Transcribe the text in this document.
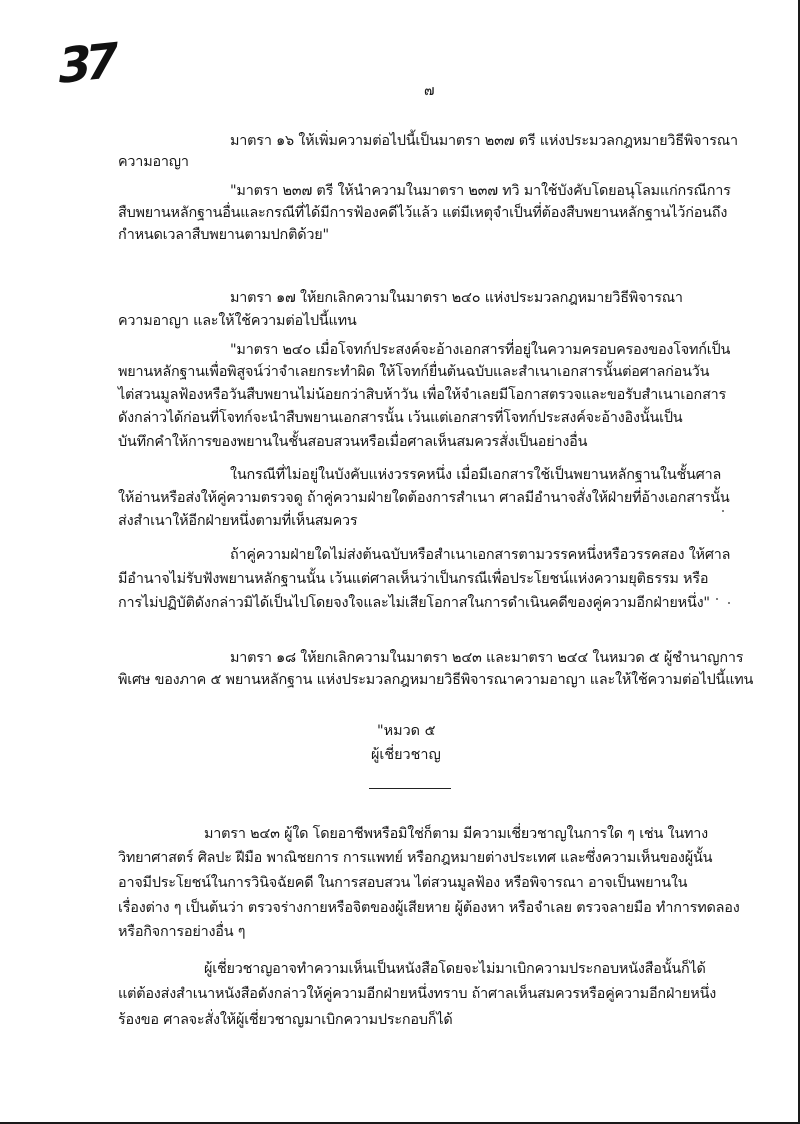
37	๗
มาตรา ๑๖ ให้เพิ่มความต่อไปนี้เป็นมาตรา ๒๓๗ ตรี แห่งประมวลกฎหมายวิธีพิจารณา
ความอาญา
"มาตรา ๒๓๗ ตรี ให้นำความในมาตรา ๒๓๗ ทวิ มาใช้บังคับโดยอนุโลมแก่กรณีการ
สืบพยานหลักฐานอื่นและกรณีที่ได้มีการฟ้องคดีไว้แล้ว แต่มีเหตุจำเป็นที่ต้องสืบพยานหลักฐานไว้ก่อนถึง
กำหนดเวลาสืบพยานตามปกติด้วย"
มาตรา ๑๗ ให้ยกเลิกความในมาตรา ๒๔๐ แห่งประมวลกฎหมายวิธีพิจารณา
ความอาญา และให้ใช้ความต่อไปนี้แทน
"มาตรา ๒๔๐ เมื่อโจทก์ประสงค์จะอ้างเอกสารที่อยู่ในความครอบครองของโจทก์เป็น
พยานหลักฐานเพื่อพิสูจน์ว่าจำเลยกระทำผิด ให้โจทก์ยื่นต้นฉบับและสำเนาเอกสารนั้นต่อศาลก่อนวัน
ไต่สวนมูลฟ้องหรือวันสืบพยานไม่น้อยกว่าสิบห้าวัน เพื่อให้จำเลยมีโอกาสตรวจและขอรับสำเนาเอกสาร
ดังกล่าวได้ก่อนที่โจทก์จะนำสืบพยานเอกสารนั้น เว้นแต่เอกสารที่โจทก์ประสงค์จะอ้างอิงนั้นเป็น
บันทึกคำให้การของพยานในชั้นสอบสวนหรือเมื่อศาลเห็นสมควรสั่งเป็นอย่างอื่น
ในกรณีที่ไม่อยู่ในบังคับแห่งวรรคหนึ่ง เมื่อมีเอกสารใช้เป็นพยานหลักฐานในชั้นศาล
ให้อ่านหรือส่งให้คู่ความตรวจดู ถ้าคู่ความฝ่ายใดต้องการสำเนา ศาลมีอำนาจสั่งให้ฝ่ายที่อ้างเอกสารนั้น
ส่งสำเนาให้อีกฝ่ายหนึ่งตามที่เห็นสมควร
ถ้าคู่ความฝ่ายใดไม่ส่งต้นฉบับหรือสำเนาเอกสารตามวรรคหนึ่งหรือวรรคสอง ให้ศาล
มีอำนาจไม่รับฟังพยานหลักฐานนั้น เว้นแต่ศาลเห็นว่าเป็นกรณีเพื่อประโยชน์แห่งความยุติธรรม หรือ
การไม่ปฏิบัติดังกล่าวมิได้เป็นไปโดยจงใจและไม่เสียโอกาสในการดำเนินคดีของคู่ความอีกฝ่ายหนึ่ง"
มาตรา ๑๘ ให้ยกเลิกความในมาตรา ๒๔๓ และมาตรา ๒๔๔ ในหมวด ๕ ผู้ชำนาญการ
พิเศษ ของภาค ๕ พยานหลักฐาน แห่งประมวลกฎหมายวิธีพิจารณาความอาญา และให้ใช้ความต่อไปนี้แทน
"หมวด ๕
ผู้เชี่ยวชาญ
มาตรา ๒๔๓ ผู้ใด โดยอาชีพหรือมิใช่ก็ตาม มีความเชี่ยวชาญในการใด ๆ เช่น ในทาง
วิทยาศาสตร์ ศิลปะ ฝีมือ พาณิชยการ การแพทย์ หรือกฎหมายต่างประเทศ และซึ่งความเห็นของผู้นั้น
อาจมีประโยชน์ในการวินิจฉัยคดี ในการสอบสวน ไต่สวนมูลฟ้อง หรือพิจารณา อาจเป็นพยานใน
เรื่องต่าง ๆ เป็นต้นว่า ตรวจร่างกายหรือจิตของผู้เสียหาย ผู้ต้องหา หรือจำเลย ตรวจลายมือ ทำการทดลอง
หรือกิจการอย่างอื่น ๆ
ผู้เชี่ยวชาญอาจทำความเห็นเป็นหนังสือโดยจะไม่มาเบิกความประกอบหนังสือนั้นก็ได้
แต่ต้องส่งสำเนาหนังสือดังกล่าวให้คู่ความอีกฝ่ายหนึ่งทราบ ถ้าศาลเห็นสมควรหรือคู่ความอีกฝ่ายหนึ่ง
ร้องขอ ศาลจะสั่งให้ผู้เชี่ยวชาญมาเบิกความประกอบก็ได้
